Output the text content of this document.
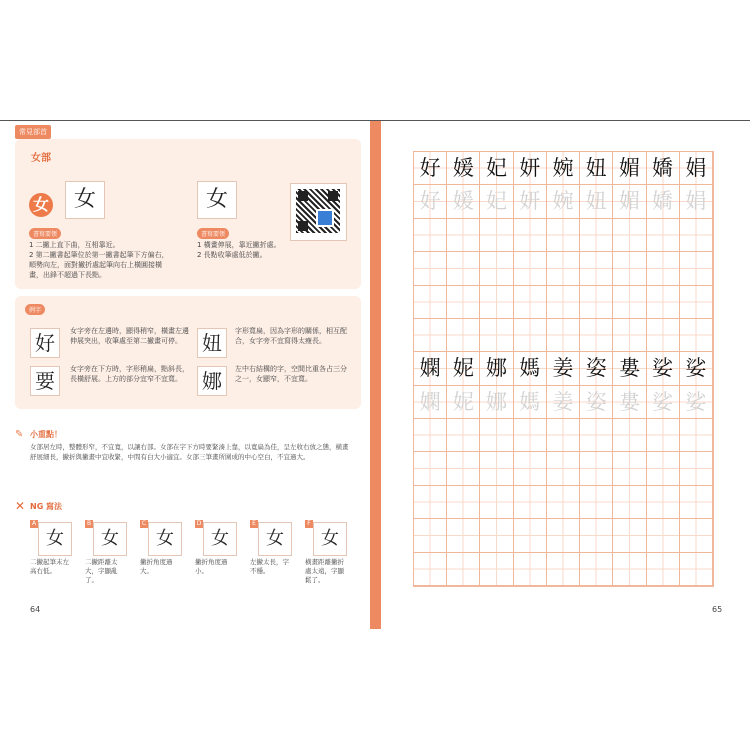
常見部首
女部
女	女	女
書寫要領	書寫要領
1 二撇上直下曲，互相靠近。
2 第二撇書起筆位於第一撇書起筆下方偏右，
順勢向左，面對撇折處起筆向右上橫圓接橫
畫，出鋒不超過下長點。
1 橫畫伸展，靠近撇折處。
2 長點收筆處低於撇。
例字
好	女字旁在左邊時，顯得稍窄，橫畫左邊伸展突出，收筆處至第二撇畫可停。	妞	字形寬扁，因為字形的關係，相互配合，女字旁不宜寫得太瘦長。
要	女字旁在下方時，字形稍扁，點斜長，長橫舒展。上方的部分宜窄不宜寬。	娜	左中右結構的字，空間比重各占三分之一，女顯窄，不宜寬。
✎ 小重點！
女部居左時，整體形窄，不宜寬，以讓右部。女部在字下方時要緊湊上靠，以寬扁為佳，呈左收右放之態，橫畫舒展細長，撇折與撇畫中宜收緊，中間有白大小適宜。女部三筆畫所圍成的中心空白，不宜過大。
✕ NG 寫法
A
女
二撇起筆末左高右低。
B
女
二撇距離太大，字顯亂了。
C
女
撇折角度過大。
D
女
撇折角度過小。
E
女
左撇太長，字不穩。
F
女
橫畫距離撇折處太遠，字顯鬆了。
64
好 媛 妃 妍 婉 妞 媚 嬌 娟
好 媛 妃 妍 婉 妞 媚 嬌 娟
嫻 妮 娜 媽 姜 姿 婁 娑 娑
嫻 妮 娜 媽 姜 姿 婁 娑 娑
65
